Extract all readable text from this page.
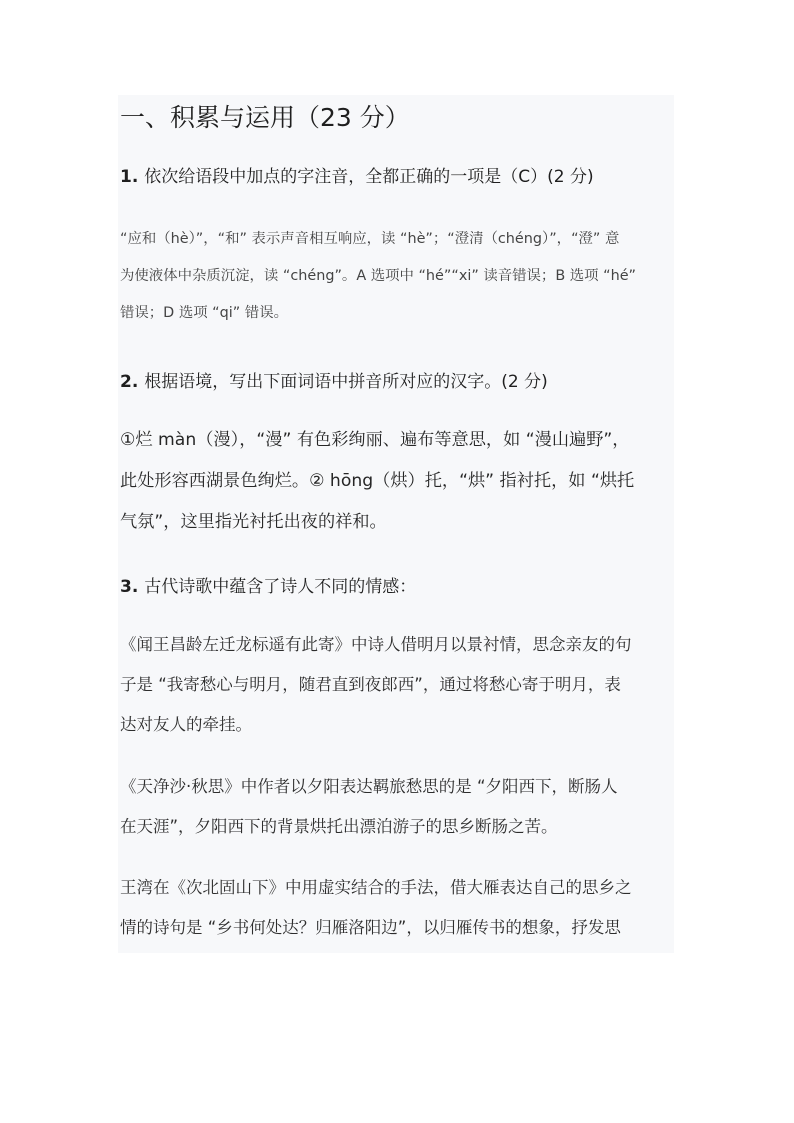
一、积累与运用（23 分）
1. 依次给语段中加点的字注音，全都正确的一项是（C）(2 分)
“应和（hè）”，“和” 表示声音相互响应，读 “hè”；“澄清（chéng）”，“澄” 意
为使液体中杂质沉淀，读 “chéng”。A 选项中 “hé”“xi” 读音错误；B 选项 “hé”
错误；D 选项 “qi” 错误。
2. 根据语境，写出下面词语中拼音所对应的汉字。(2 分)
①烂 màn（漫），“漫” 有色彩绚丽、遍布等意思，如 “漫山遍野”，
此处形容西湖景色绚烂。② hōng（烘）托，“烘” 指衬托，如 “烘托
气氛”，这里指光衬托出夜的祥和。
3. 古代诗歌中蕴含了诗人不同的情感：
《闻王昌龄左迁龙标遥有此寄》中诗人借明月以景衬情，思念亲友的句
子是 “我寄愁心与明月，随君直到夜郎西”，通过将愁心寄于明月，表
达对友人的牵挂。
《天净沙·秋思》中作者以夕阳表达羁旅愁思的是 “夕阳西下，断肠人
在天涯”，夕阳西下的背景烘托出漂泊游子的思乡断肠之苦。
王湾在《次北固山下》中用虚实结合的手法，借大雁表达自己的思乡之
情的诗句是 “乡书何处达？归雁洛阳边”，以归雁传书的想象，抒发思
